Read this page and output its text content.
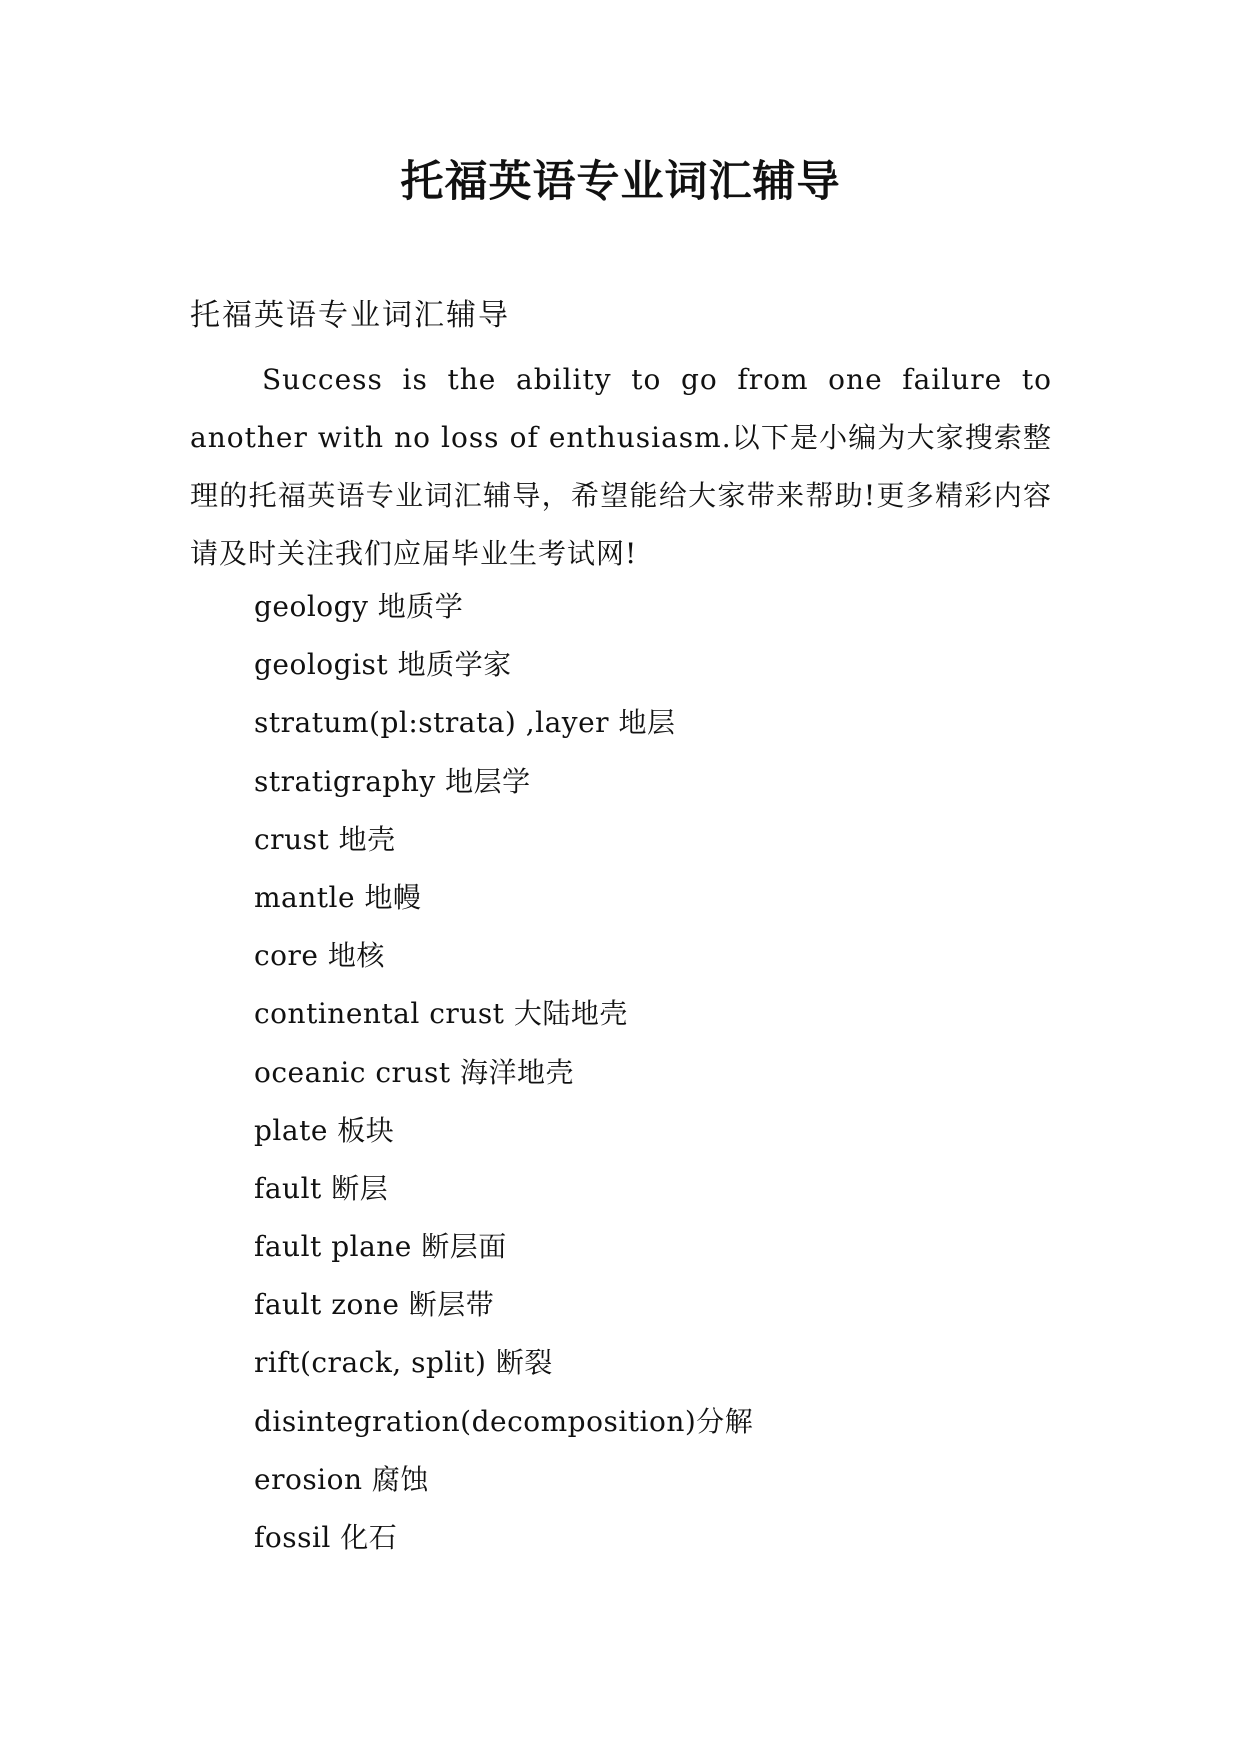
托福英语专业词汇辅导

托福英语专业词汇辅导

Success is the ability to go from one failure to another with no loss of enthusiasm.以下是小编为大家搜索整理的托福英语专业词汇辅导，希望能给大家带来帮助!更多精彩内容请及时关注我们应届毕业生考试网!

geology 地质学
geologist 地质学家
stratum(pl:strata) ,layer 地层
stratigraphy 地层学
crust 地壳
mantle 地幔
core 地核
continental crust 大陆地壳
oceanic crust 海洋地壳
plate 板块
fault 断层
fault plane 断层面
fault zone 断层带
rift(crack, split) 断裂
disintegration(decomposition)分解
erosion 腐蚀
fossil 化石
